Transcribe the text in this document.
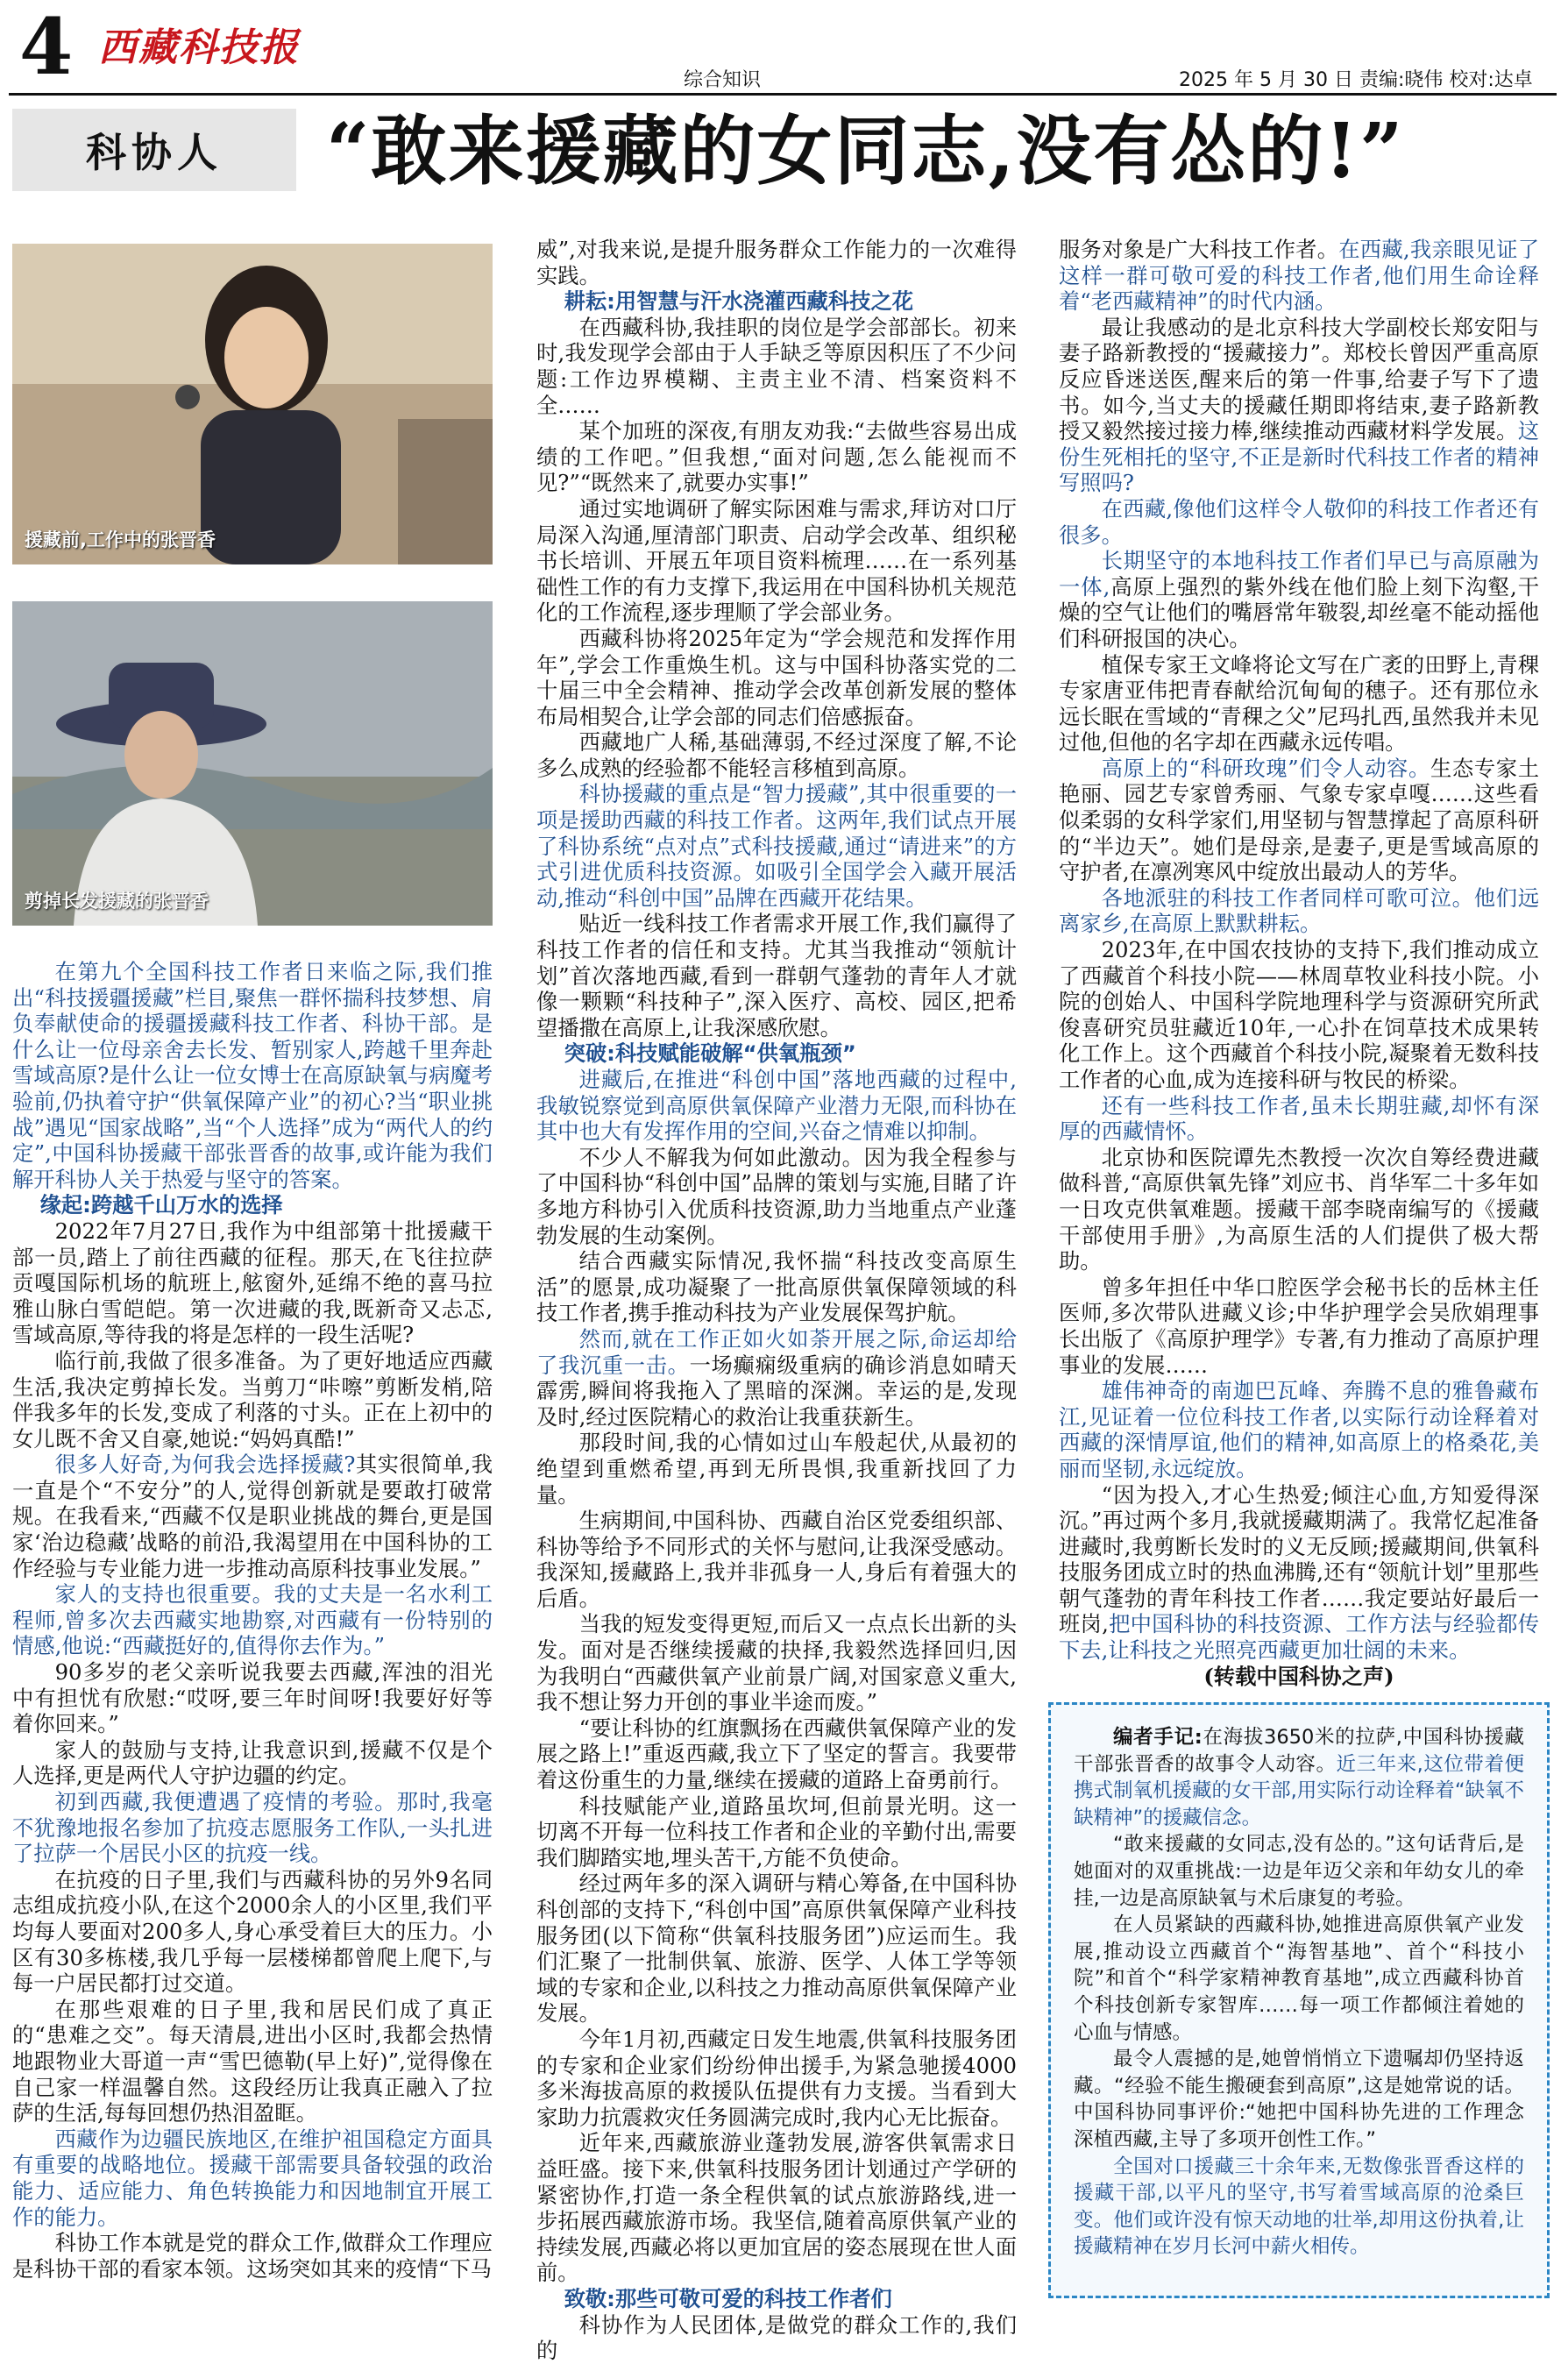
4 西藏科技报
综合知识	2025 年 5 月 30 日 责编:晓伟 校对:达卓
科协人	“敢来援藏的女同志,没有怂的!”
援藏前,工作中的张晋香
剪掉长发援藏的张晋香

在第九个全国科技工作者日来临之际,我们推出“科技援疆援藏”栏目,聚焦一群怀揣科技梦想、肩负奉献使命的援疆援藏科技工作者、科协干部。是什么让一位母亲舍去长发、暂别家人,跨越千里奔赴雪域高原?是什么让一位女博士在高原缺氧与病魔考验前,仍执着守护“供氧保障产业”的初心?当“职业挑战”遇见“国家战略”,当“个人选择”成为“两代人的约定”,中国科协援藏干部张晋香的故事,或许能为我们解开科协人关于热爱与坚守的答案。

缘起:跨越千山万水的选择

2022年7月27日,我作为中组部第十批援藏干部一员,踏上了前往西藏的征程。那天,在飞往拉萨贡嘎国际机场的航班上,舷窗外,延绵不绝的喜马拉雅山脉白雪皑皑。第一次进藏的我,既新奇又忐忑,雪域高原,等待我的将是怎样的一段生活呢?

临行前,我做了很多准备。为了更好地适应西藏生活,我决定剪掉长发。当剪刀“咔嚓”剪断发梢,陪伴我多年的长发,变成了利落的寸头。正在上初中的女儿既不舍又自豪,她说:“妈妈真酷!”

很多人好奇,为何我会选择援藏?其实很简单,我一直是个“不安分”的人,觉得创新就是要敢打破常规。在我看来,“西藏不仅是职业挑战的舞台,更是国家‘治边稳藏’战略的前沿,我渴望用在中国科协的工作经验与专业能力进一步推动高原科技事业发展。”

家人的支持也很重要。我的丈夫是一名水利工程师,曾多次去西藏实地勘察,对西藏有一份特别的情感,他说:“西藏挺好的,值得你去作为。”

90多岁的老父亲听说我要去西藏,浑浊的泪光中有担忧有欣慰:“哎呀,要三年时间呀!我要好好等着你回来。”

家人的鼓励与支持,让我意识到,援藏不仅是个人选择,更是两代人守护边疆的约定。

初到西藏,我便遭遇了疫情的考验。那时,我毫不犹豫地报名参加了抗疫志愿服务工作队,一头扎进了拉萨一个居民小区的抗疫一线。

在抗疫的日子里,我们与西藏科协的另外9名同志组成抗疫小队,在这个2000余人的小区里,我们平均每人要面对200多人,身心承受着巨大的压力。小区有30多栋楼,我几乎每一层楼梯都曾爬上爬下,与每一户居民都打过交道。

在那些艰难的日子里,我和居民们成了真正的“患难之交”。每天清晨,进出小区时,我都会热情地跟物业大哥道一声“雪巴德勒(早上好)”,觉得像在自己家一样温馨自然。这段经历让我真正融入了拉萨的生活,每每回想仍热泪盈眶。

西藏作为边疆民族地区,在维护祖国稳定方面具有重要的战略地位。援藏干部需要具备较强的政治能力、适应能力、角色转换能力和因地制宜开展工作的能力。

科协工作本就是党的群众工作,做群众工作理应是科协干部的看家本领。这场突如其来的疫情“下马

威”,对我来说,是提升服务群众工作能力的一次难得实践。

耕耘:用智慧与汗水浇灌西藏科技之花

在西藏科协,我挂职的岗位是学会部部长。初来时,我发现学会部由于人手缺乏等原因积压了不少问题:工作边界模糊、主责主业不清、档案资料不全……

某个加班的深夜,有朋友劝我:“去做些容易出成绩的工作吧。”但我想,“面对问题,怎么能视而不见?”“既然来了,就要办实事!”

通过实地调研了解实际困难与需求,拜访对口厅局深入沟通,厘清部门职责、启动学会改革、组织秘书长培训、开展五年项目资料梳理……在一系列基础性工作的有力支撑下,我运用在中国科协机关规范化的工作流程,逐步理顺了学会部业务。

西藏科协将2025年定为“学会规范和发挥作用年”,学会工作重焕生机。这与中国科协落实党的二十届三中全会精神、推动学会改革创新发展的整体布局相契合,让学会部的同志们倍感振奋。

西藏地广人稀,基础薄弱,不经过深度了解,不论多么成熟的经验都不能轻言移植到高原。

科协援藏的重点是“智力援藏”,其中很重要的一项是援助西藏的科技工作者。这两年,我们试点开展了科协系统“点对点”式科技援藏,通过“请进来”的方式引进优质科技资源。如吸引全国学会入藏开展活动,推动“科创中国”品牌在西藏开花结果。

贴近一线科技工作者需求开展工作,我们赢得了科技工作者的信任和支持。尤其当我推动“领航计划”首次落地西藏,看到一群朝气蓬勃的青年人才就像一颗颗“科技种子”,深入医疗、高校、园区,把希望播撒在高原上,让我深感欣慰。

突破:科技赋能破解“供氧瓶颈”

进藏后,在推进“科创中国”落地西藏的过程中,我敏锐察觉到高原供氧保障产业潜力无限,而科协在其中也大有发挥作用的空间,兴奋之情难以抑制。

不少人不解我为何如此激动。因为我全程参与了中国科协“科创中国”品牌的策划与实施,目睹了许多地方科协引入优质科技资源,助力当地重点产业蓬勃发展的生动案例。

结合西藏实际情况,我怀揣“科技改变高原生活”的愿景,成功凝聚了一批高原供氧保障领域的科技工作者,携手推动科技为产业发展保驾护航。

然而,就在工作正如火如荼开展之际,命运却给了我沉重一击。一场癫痫级重病的确诊消息如晴天霹雳,瞬间将我拖入了黑暗的深渊。幸运的是,发现及时,经过医院精心的救治让我重获新生。

那段时间,我的心情如过山车般起伏,从最初的绝望到重燃希望,再到无所畏惧,我重新找回了力量。

生病期间,中国科协、西藏自治区党委组织部、科协等给予不同形式的关怀与慰问,让我深受感动。我深知,援藏路上,我并非孤身一人,身后有着强大的后盾。

当我的短发变得更短,而后又一点点长出新的头发。面对是否继续援藏的抉择,我毅然选择回归,因为我明白“西藏供氧产业前景广阔,对国家意义重大,我不想让努力开创的事业半途而废。”

“要让科协的红旗飘扬在西藏供氧保障产业的发展之路上!”重返西藏,我立下了坚定的誓言。我要带着这份重生的力量,继续在援藏的道路上奋勇前行。

科技赋能产业,道路虽坎坷,但前景光明。这一切离不开每一位科技工作者和企业的辛勤付出,需要我们脚踏实地,埋头苦干,方能不负使命。

经过两年多的深入调研与精心筹备,在中国科协科创部的支持下,“科创中国”高原供氧保障产业科技服务团(以下简称“供氧科技服务团”)应运而生。我们汇聚了一批制供氧、旅游、医学、人体工学等领域的专家和企业,以科技之力推动高原供氧保障产业发展。

今年1月初,西藏定日发生地震,供氧科技服务团的专家和企业家们纷纷伸出援手,为紧急驰援4000多米海拔高原的救援队伍提供有力支援。当看到大家助力抗震救灾任务圆满完成时,我内心无比振奋。

近年来,西藏旅游业蓬勃发展,游客供氧需求日益旺盛。接下来,供氧科技服务团计划通过产学研的紧密协作,打造一条全程供氧的试点旅游路线,进一步拓展西藏旅游市场。我坚信,随着高原供氧产业的持续发展,西藏必将以更加宜居的姿态展现在世人面前。

致敬:那些可敬可爱的科技工作者们

科协作为人民团体,是做党的群众工作的,我们的

服务对象是广大科技工作者。在西藏,我亲眼见证了这样一群可敬可爱的科技工作者,他们用生命诠释着“老西藏精神”的时代内涵。

最让我感动的是北京科技大学副校长郑安阳与妻子路新教授的“援藏接力”。郑校长曾因严重高原反应昏迷送医,醒来后的第一件事,给妻子写下了遗书。如今,当丈夫的援藏任期即将结束,妻子路新教授又毅然接过接力棒,继续推动西藏材料学发展。这份生死相托的坚守,不正是新时代科技工作者的精神写照吗?

在西藏,像他们这样令人敬仰的科技工作者还有很多。

长期坚守的本地科技工作者们早已与高原融为一体,高原上强烈的紫外线在他们脸上刻下沟壑,干燥的空气让他们的嘴唇常年皲裂,却丝毫不能动摇他们科研报国的决心。

植保专家王文峰将论文写在广袤的田野上,青稞专家唐亚伟把青春献给沉甸甸的穗子。还有那位永远长眠在雪域的“青稞之父”尼玛扎西,虽然我并未见过他,但他的名字却在西藏永远传唱。

高原上的“科研玫瑰”们令人动容。生态专家土艳丽、园艺专家曾秀丽、气象专家卓嘎……这些看似柔弱的女科学家们,用坚韧与智慧撑起了高原科研的“半边天”。她们是母亲,是妻子,更是雪域高原的守护者,在凛冽寒风中绽放出最动人的芳华。

各地派驻的科技工作者同样可歌可泣。他们远离家乡,在高原上默默耕耘。

2023年,在中国农技协的支持下,我们推动成立了西藏首个科技小院——林周草牧业科技小院。小院的创始人、中国科学院地理科学与资源研究所武俊喜研究员驻藏近10年,一心扑在饲草技术成果转化工作上。这个西藏首个科技小院,凝聚着无数科技工作者的心血,成为连接科研与牧民的桥梁。

还有一些科技工作者,虽未长期驻藏,却怀有深厚的西藏情怀。

北京协和医院谭先杰教授一次次自筹经费进藏做科普,“高原供氧先锋”刘应书、肖华军二十多年如一日攻克供氧难题。援藏干部李晓南编写的《援藏干部使用手册》,为高原生活的人们提供了极大帮助。

曾多年担任中华口腔医学会秘书长的岳林主任医师,多次带队进藏义诊;中华护理学会吴欣娟理事长出版了《高原护理学》专著,有力推动了高原护理事业的发展……

雄伟神奇的南迦巴瓦峰、奔腾不息的雅鲁藏布江,见证着一位位科技工作者,以实际行动诠释着对西藏的深情厚谊,他们的精神,如高原上的格桑花,美丽而坚韧,永远绽放。

“因为投入,才心生热爱;倾注心血,方知爱得深沉。”再过两个多月,我就援藏期满了。我常忆起准备进藏时,我剪断长发时的义无反顾;援藏期间,供氧科技服务团成立时的热血沸腾,还有“领航计划”里那些朝气蓬勃的青年科技工作者……我定要站好最后一班岗,把中国科协的科技资源、工作方法与经验都传下去,让科技之光照亮西藏更加壮阔的未来。

(转载中国科协之声)

编者手记:在海拔3650米的拉萨,中国科协援藏干部张晋香的故事令人动容。近三年来,这位带着便携式制氧机援藏的女干部,用实际行动诠释着“缺氧不缺精神”的援藏信念。

“敢来援藏的女同志,没有怂的。”这句话背后,是她面对的双重挑战:一边是年迈父亲和年幼女儿的牵挂,一边是高原缺氧与术后康复的考验。

在人员紧缺的西藏科协,她推进高原供氧产业发展,推动设立西藏首个“海智基地”、首个“科技小院”和首个“科学家精神教育基地”,成立西藏科协首个科技创新专家智库……每一项工作都倾注着她的心血与情感。

最令人震撼的是,她曾悄悄立下遗嘱却仍坚持返藏。“经验不能生搬硬套到高原”,这是她常说的话。中国科协同事评价:“她把中国科协先进的工作理念深植西藏,主导了多项开创性工作。”

全国对口援藏三十余年来,无数像张晋香这样的援藏干部,以平凡的坚守,书写着雪域高原的沧桑巨变。他们或许没有惊天动地的壮举,却用这份执着,让援藏精神在岁月长河中薪火相传。
